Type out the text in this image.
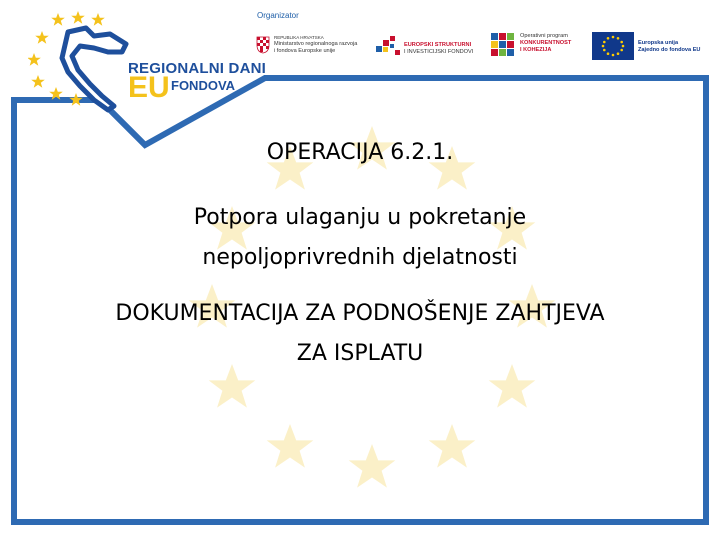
REGIONALNI DANI
EU FONDOVA
Organizator
REPUBLIKA HRVATSKA
Ministarstvo regionalnoga razvoja
i fondova Europske unije
EUROPSKI STRUKTURNI
I INVESTICIJSKI FONDOVI
Operativni program
KONKURENTNOST
I KOHEZIJA
Europska unija
Zajedno do fondova EU
OPERACIJA 6.2.1.
Potpora ulaganju u pokretanje
nepoljoprivrednih djelatnosti
DOKUMENTACIJA ZA PODNOŠENJE ZAHTJEVA
ZA ISPLATU
